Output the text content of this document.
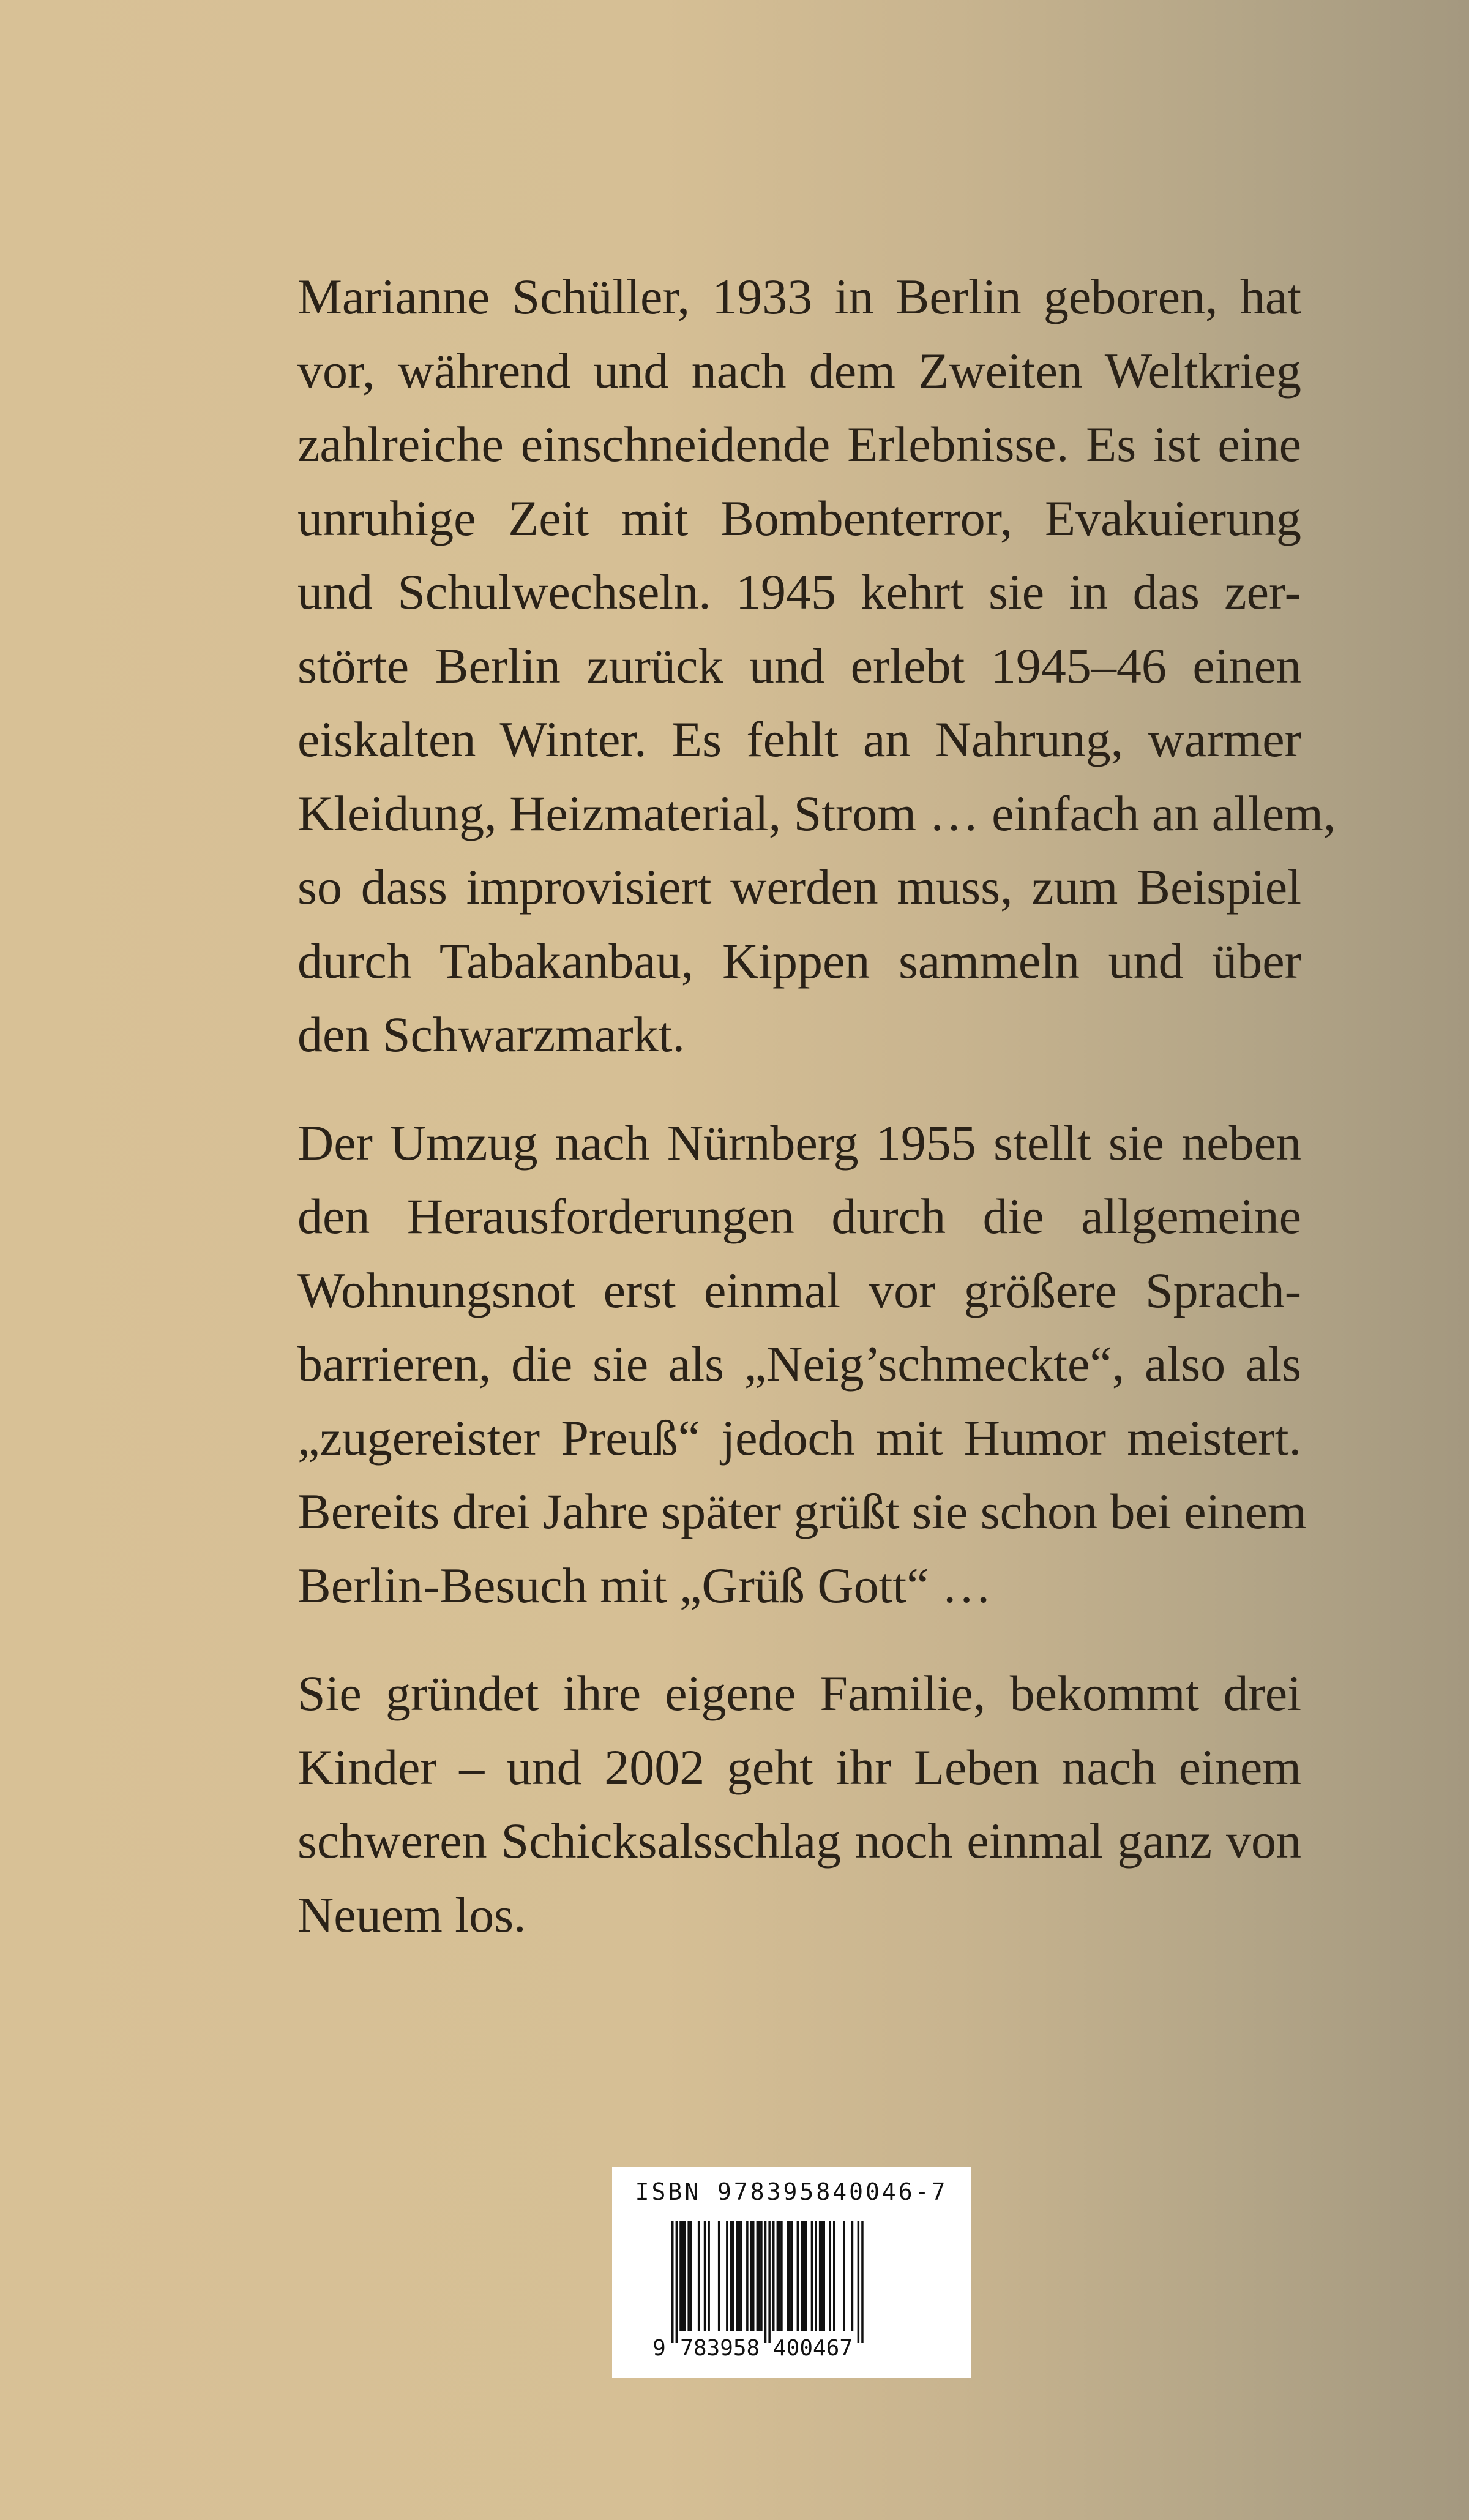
Marianne Schüller, 1933 in Berlin geboren, hat
vor, während und nach dem Zweiten Weltkrieg
zahlreiche einschneidende Erlebnisse. Es ist eine
unruhige Zeit mit Bombenterror, Evakuierung
und Schulwechseln. 1945 kehrt sie in das zer-
störte Berlin zurück und erlebt 1945–46 einen
eiskalten Winter. Es fehlt an Nahrung, warmer
Kleidung, Heizmaterial, Strom … einfach an allem,
so dass improvisiert werden muss, zum Beispiel
durch Tabakanbau, Kippen sammeln und über
den Schwarzmarkt.
Der Umzug nach Nürnberg 1955 stellt sie neben
den Herausforderungen durch die allgemeine
Wohnungsnot erst einmal vor größere Sprach-
barrieren, die sie als „Neig’schmeckte“, also als
„zugereister Preuß“ jedoch mit Humor meistert.
Bereits drei Jahre später grüßt sie schon bei einem
Berlin-Besuch mit „Grüß Gott“ …
Sie gründet ihre eigene Familie, bekommt drei
Kinder – und 2002 geht ihr Leben nach einem
schweren Schicksalsschlag noch einmal ganz von
Neuem los.
ISBN 978395840046-7
9 783958 400467
